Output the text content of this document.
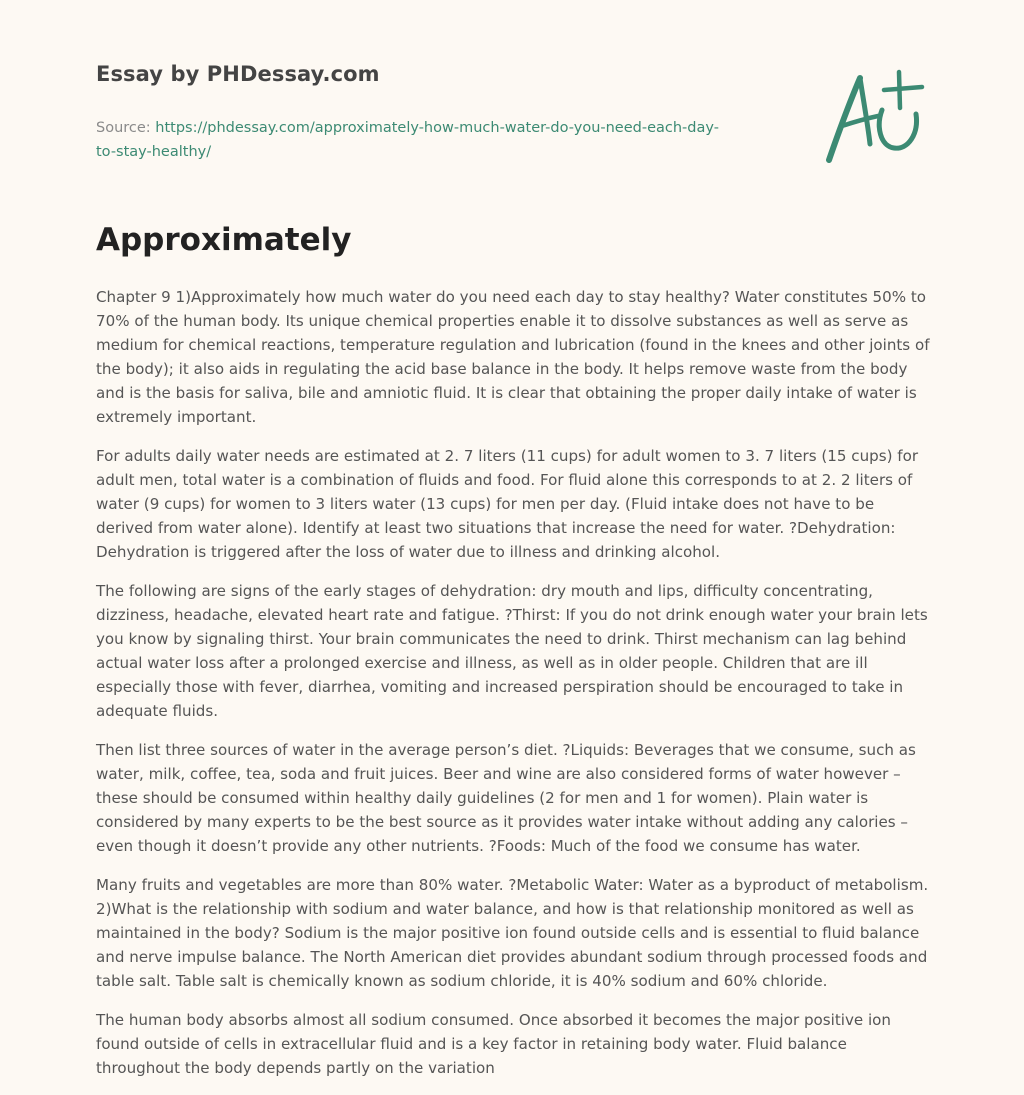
Essay by PHDessay.com
Source: https://phdessay.com/approximately-how-much-water-do-you-need-each-day-
to-stay-healthy/
Approximately

Chapter 9 1)Approximately how much water do you need each day to stay healthy? Water constitutes 50% to 70% of the human body. Its unique chemical properties enable it to dissolve substances as well as serve as medium for chemical reactions, temperature regulation and lubrication (found in the knees and other joints of the body); it also aids in regulating the acid base balance in the body. It helps remove waste from the body and is the basis for saliva, bile and amniotic fluid. It is clear that obtaining the proper daily intake of water is extremely important.

For adults daily water needs are estimated at 2. 7 liters (11 cups) for adult women to 3. 7 liters (15 cups) for adult men, total water is a combination of fluids and food. For fluid alone this corresponds to at 2. 2 liters of water (9 cups) for women to 3 liters water (13 cups) for men per day. (Fluid intake does not have to be derived from water alone). Identify at least two situations that increase the need for water. ?Dehydration: Dehydration is triggered after the loss of water due to illness and drinking alcohol.

The following are signs of the early stages of dehydration: dry mouth and lips, difficulty concentrating, dizziness, headache, elevated heart rate and fatigue. ?Thirst: If you do not drink enough water your brain lets you know by signaling thirst. Your brain communicates the need to drink. Thirst mechanism can lag behind actual water loss after a prolonged exercise and illness, as well as in older people. Children that are ill especially those with fever, diarrhea, vomiting and increased perspiration should be encouraged to take in adequate fluids.

Then list three sources of water in the average person’s diet. ?Liquids: Beverages that we consume, such as water, milk, coffee, tea, soda and fruit juices. Beer and wine are also considered forms of water however – these should be consumed within healthy daily guidelines (2 for men and 1 for women). Plain water is considered by many experts to be the best source as it provides water intake without adding any calories – even though it doesn’t provide any other nutrients. ?Foods: Much of the food we consume has water.

Many fruits and vegetables are more than 80% water. ?Metabolic Water: Water as a byproduct of metabolism. 2)What is the relationship with sodium and water balance, and how is that relationship monitored as well as maintained in the body? Sodium is the major positive ion found outside cells and is essential to fluid balance and nerve impulse balance. The North American diet provides abundant sodium through processed foods and table salt. Table salt is chemically known as sodium chloride, it is 40% sodium and 60% chloride.

The human body absorbs almost all sodium consumed. Once absorbed it becomes the major positive ion found outside of cells in extracellular fluid and is a key factor in retaining body water. Fluid balance throughout the body depends partly on the variation
